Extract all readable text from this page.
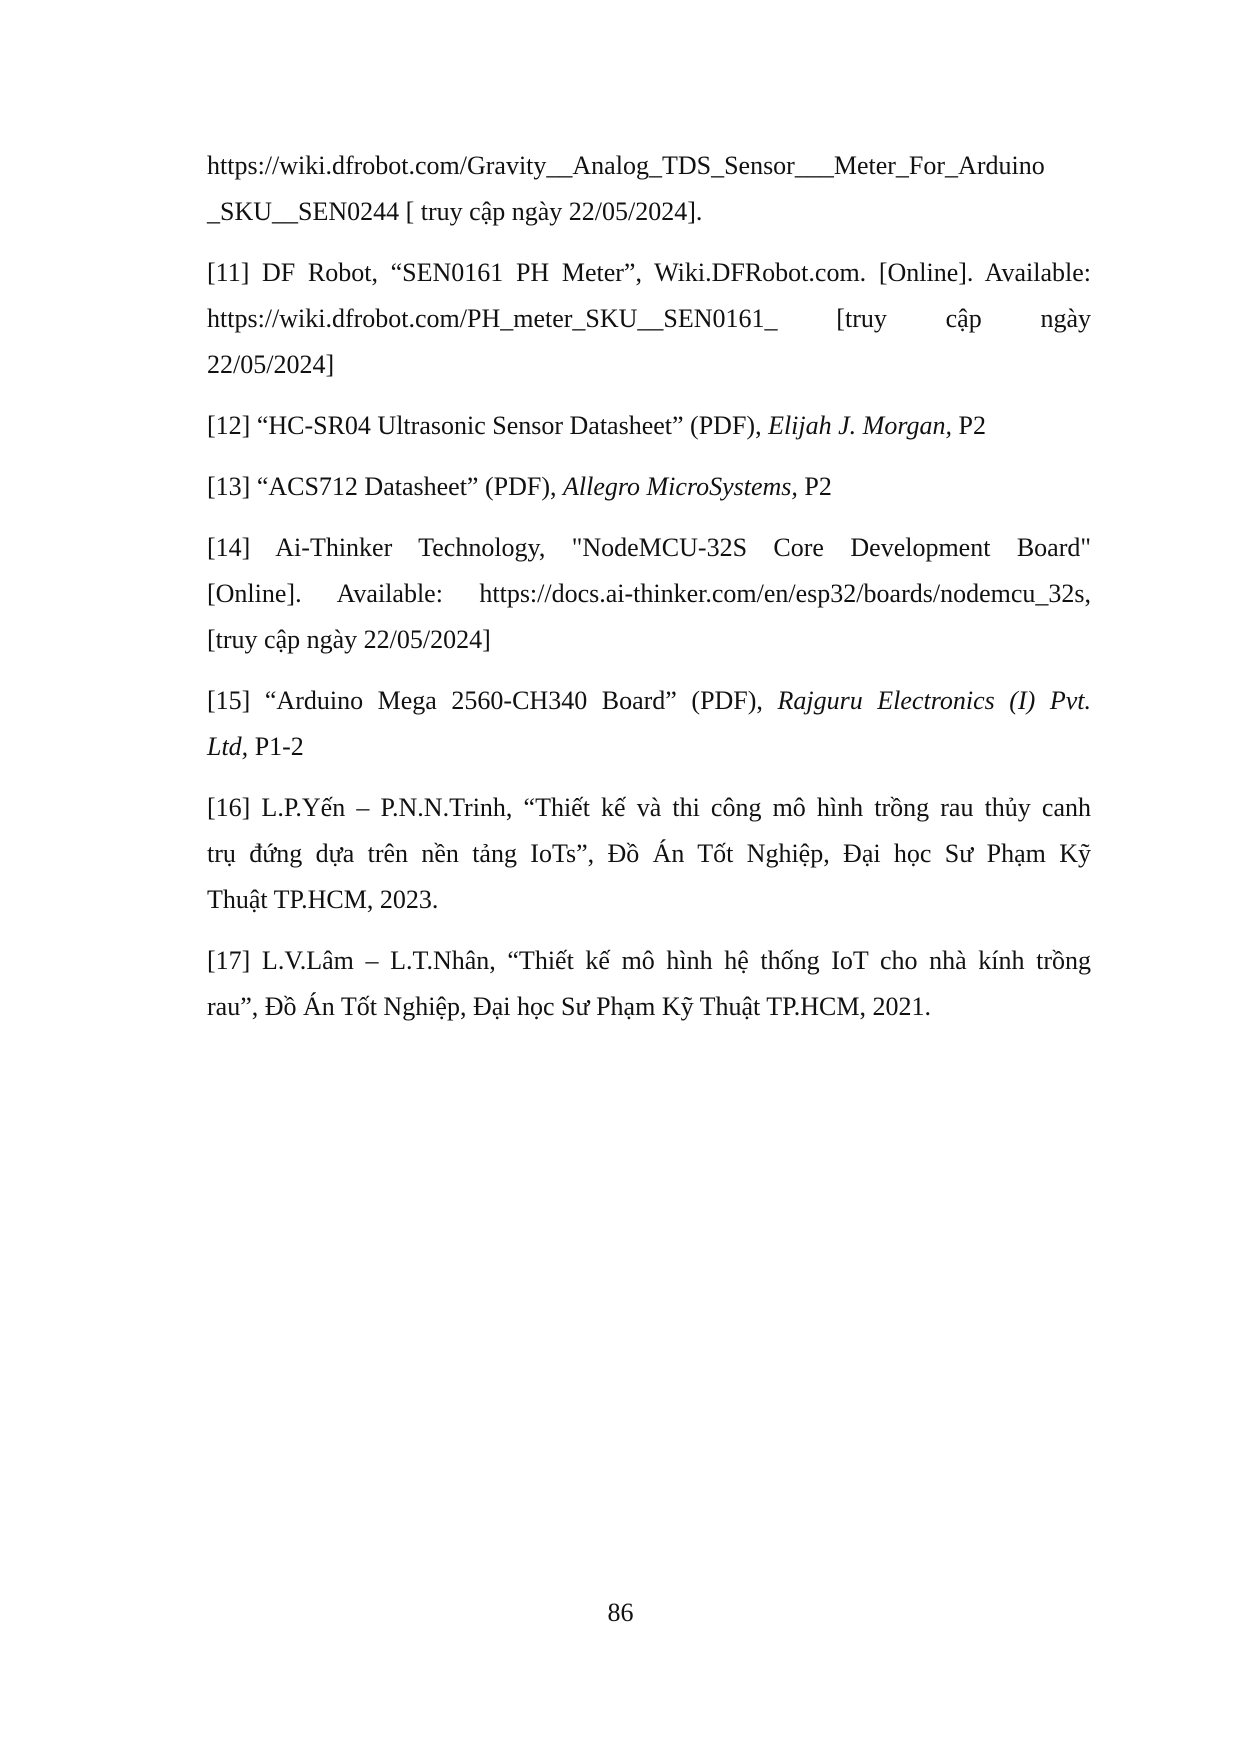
https://wiki.dfrobot.com/Gravity__Analog_TDS_Sensor___Meter_For_Arduino
_SKU__SEN0244 [ truy cập ngày 22/05/2024].

[11] DF Robot, “SEN0161 PH Meter”, Wiki.DFRobot.com. [Online]. Available:
https://wiki.dfrobot.com/PH_meter_SKU__SEN0161_ [truy cập ngày
22/05/2024]

[12] “HC-SR04 Ultrasonic Sensor Datasheet” (PDF), Elijah J. Morgan, P2

[13] “ACS712 Datasheet” (PDF), Allegro MicroSystems, P2

[14] Ai-Thinker Technology, "NodeMCU-32S Core Development Board"
[Online]. Available: https://docs.ai-thinker.com/en/esp32/boards/nodemcu_32s,
[truy cập ngày 22/05/2024]

[15] “Arduino Mega 2560-CH340 Board” (PDF), Rajguru Electronics (I) Pvt.
Ltd, P1-2

[16] L.P.Yến – P.N.N.Trinh, “Thiết kế và thi công mô hình trồng rau thủy canh
trụ đứng dựa trên nền tảng IoTs”, Đồ Án Tốt Nghiệp, Đại học Sư Phạm Kỹ
Thuật TP.HCM, 2023.

[17] L.V.Lâm – L.T.Nhân, “Thiết kế mô hình hệ thống IoT cho nhà kính trồng
rau”, Đồ Án Tốt Nghiệp, Đại học Sư Phạm Kỹ Thuật TP.HCM, 2021.

86
